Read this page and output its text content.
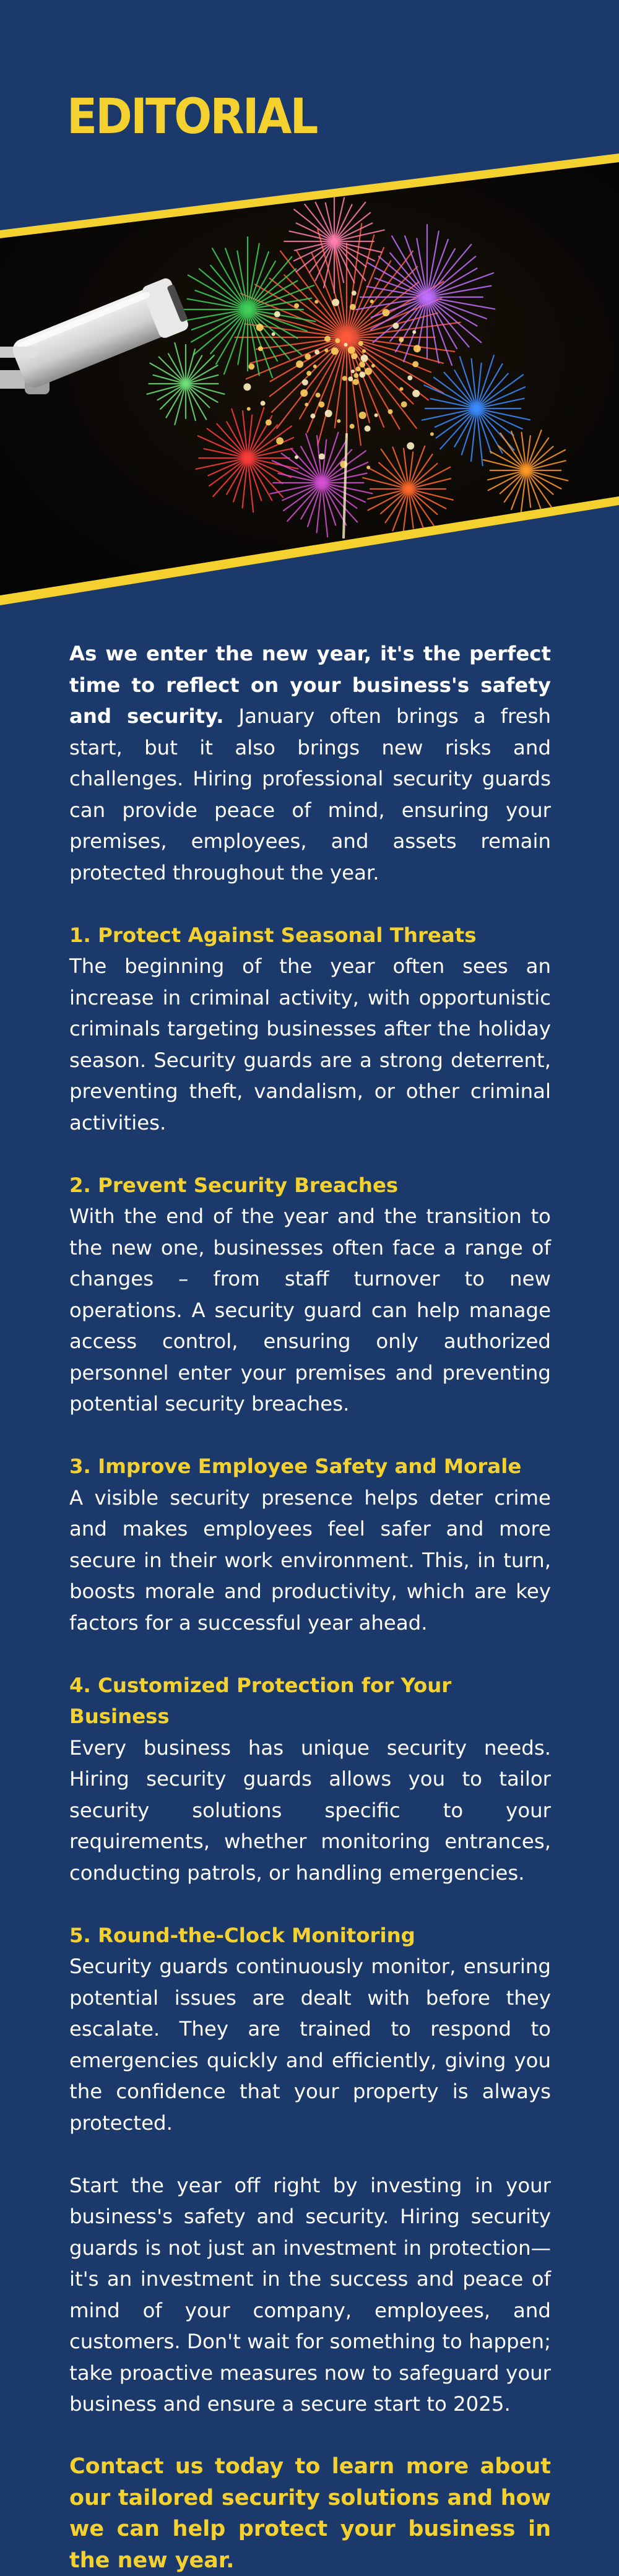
EDITORIAL

As we enter the new year, it's the perfect time to reflect on your business's safety and security. January often brings a fresh start, but it also brings new risks and challenges. Hiring professional security guards can provide peace of mind, ensuring your premises, employees, and assets remain protected throughout the year.

1. Protect Against Seasonal Threats

The beginning of the year often sees an increase in criminal activity, with opportunistic criminals targeting businesses after the holiday season. Security guards are a strong deterrent, preventing theft, vandalism, or other criminal activities.

2. Prevent Security Breaches

With the end of the year and the transition to the new one, businesses often face a range of changes – from staff turnover to new operations. A security guard can help manage access control, ensuring only authorized personnel enter your premises and preventing potential security breaches.

3. Improve Employee Safety and Morale

A visible security presence helps deter crime and makes employees feel safer and more secure in their work environment. This, in turn, boosts morale and productivity, which are key factors for a successful year ahead.

4. Customized Protection for Your Business

Every business has unique security needs. Hiring security guards allows you to tailor security solutions specific to your requirements, whether monitoring entrances, conducting patrols, or handling emergencies.

5. Round-the-Clock Monitoring

Security guards continuously monitor, ensuring potential issues are dealt with before they escalate. They are trained to respond to emergencies quickly and efficiently, giving you the confidence that your property is always protected.

Start the year off right by investing in your business's safety and security. Hiring security guards is not just an investment in protection—it's an investment in the success and peace of mind of your company, employees, and customers. Don't wait for something to happen; take proactive measures now to safeguard your business and ensure a secure start to 2025.

Contact us today to learn more about our tailored security solutions and how we can help protect your business in the new year.
